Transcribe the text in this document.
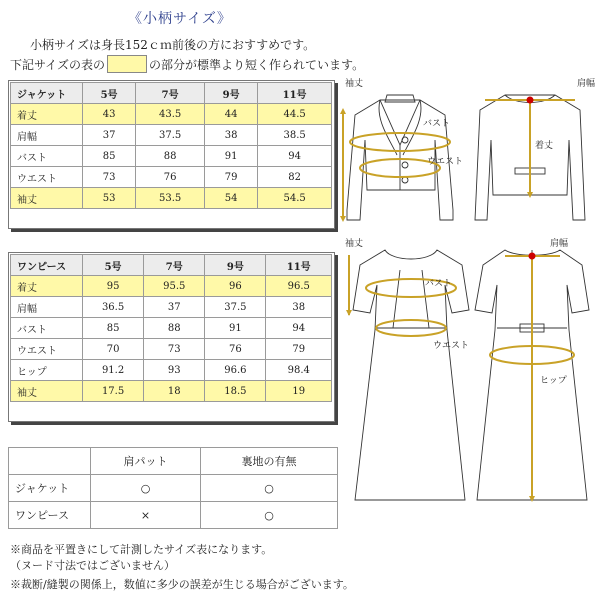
《小柄サイズ》
小柄サイズは身長152ｃｍ前後の方におすすめです。
下記サイズの表の	の部分が標準より短く作られています。
ジャケット	5号	7号	9号	11号
着丈	43	43.5	44	44.5
肩幅	37	37.5	38	38.5
バスト	85	88	91	94
ウエスト	73	76	79	82
袖丈	53	53.5	54	54.5
ワンピース	5号	7号	9号	11号
着丈	95	95.5	96	96.5
肩幅	36.5	37	37.5	38
バスト	85	88	91	94
ウエスト	70	73	76	79
ヒップ	91.2	93	96.6	98.4
袖丈	17.5	18	18.5	19
	肩パット	裏地の有無
ジャケット	○	○
ワンピース	×	○
※商品を平置きにして計測したサイズ表になります。
（ヌード寸法ではございません）
※裁断/縫製の関係上，数値に多少の誤差が生じる場合がございます。
袖丈	肩幅
バスト
着丈
ウエスト
袖丈	肩幅
バスト
ウエスト
ヒップ
